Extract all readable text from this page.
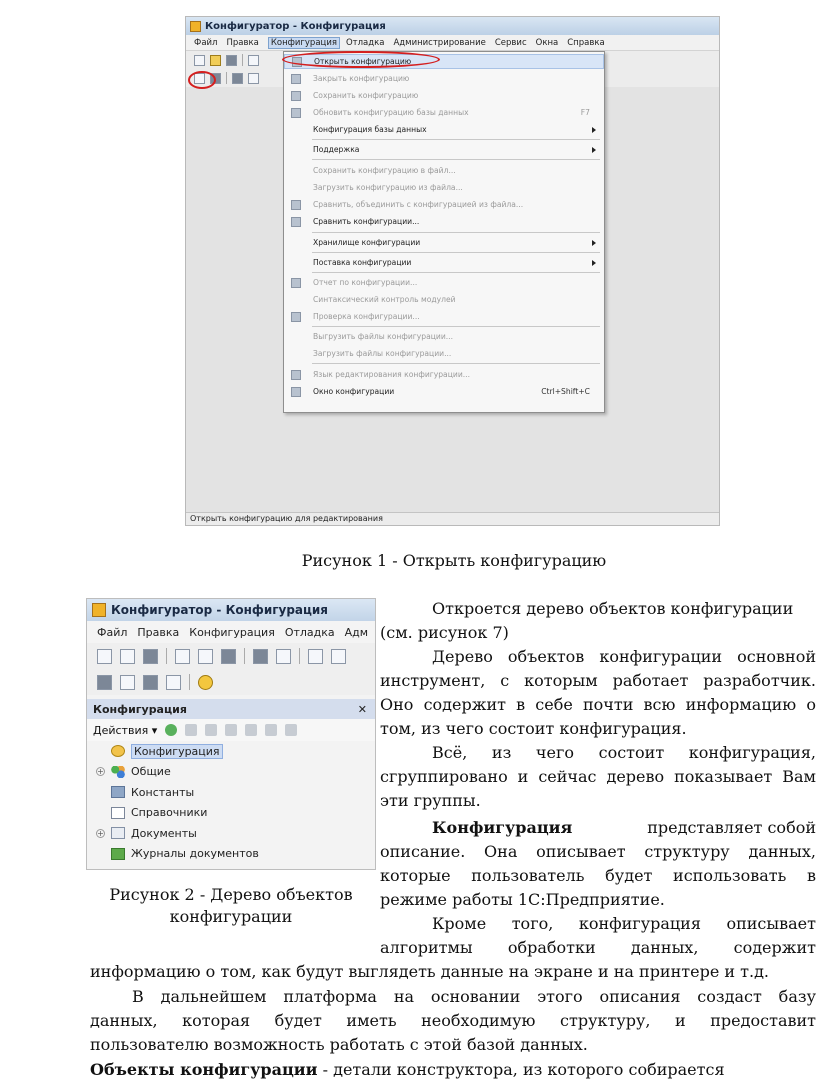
Конфигуратор - Конфигурация
Файл Правка	Конфигурация	Отладка Администрирование Сервис Окна Справка
Открыть конфигурацию
Закрыть конфигурацию
Сохранить конфигурацию
Обновить конфигурацию базы данных	F7
Конфигурация базы данных
Поддержка
Сохранить конфигурацию в файл...
Загрузить конфигурацию из файла...
Сравнить, объединить с конфигурацией из файла...
Сравнить конфигурации...
Хранилище конфигурации
Поставка конфигурации
Отчет по конфигурации...
Синтаксический контроль модулей
Проверка конфигурации...
Выгрузить файлы конфигурации...
Загрузить файлы конфигурации...
Язык редактирования конфигурации...
Окно конфигурации	Ctrl+Shift+C
Открыть конфигурацию для редактирования
Рисунок 1 - Открыть конфигурацию
Конфигуратор - Конфигурация
Файл Правка Конфигурация Отладка Адм
Конфигурация	✕
Действия ▾
Конфигурация
+ Общие
Константы
Справочники
+ Документы
Журналы документов
Рисунок 2 - Дерево объектов
конфигурации
Откроется дерево объектов конфигурации
(см. рисунок 7)
Дерево объектов конфигурации основной
инструмент, с которым работает разработчик.
Оно содержит в себе почти всю информацию о
том, из чего состоит конфигурация.
Всё, из чего состоит конфигурация,
сгруппировано и сейчас дерево показывает Вам
эти группы.
Конфигурация	представляет собой
описание. Она описывает структуру данных,
которые пользователь будет использовать в
режиме работы 1С:Предприятие.
Кроме того, конфигурация описывает
алгоритмы обработки данных, содержит
информацию о том, как будут выглядеть данные на экране и на принтере и т.д.
В дальнейшем платформа на основании этого описания создаст базу
данных, которая будет иметь необходимую структуру, и предоставит
пользователю возможность работать с этой базой данных.
Объекты конфигурации - детали конструктора, из которого собирается
